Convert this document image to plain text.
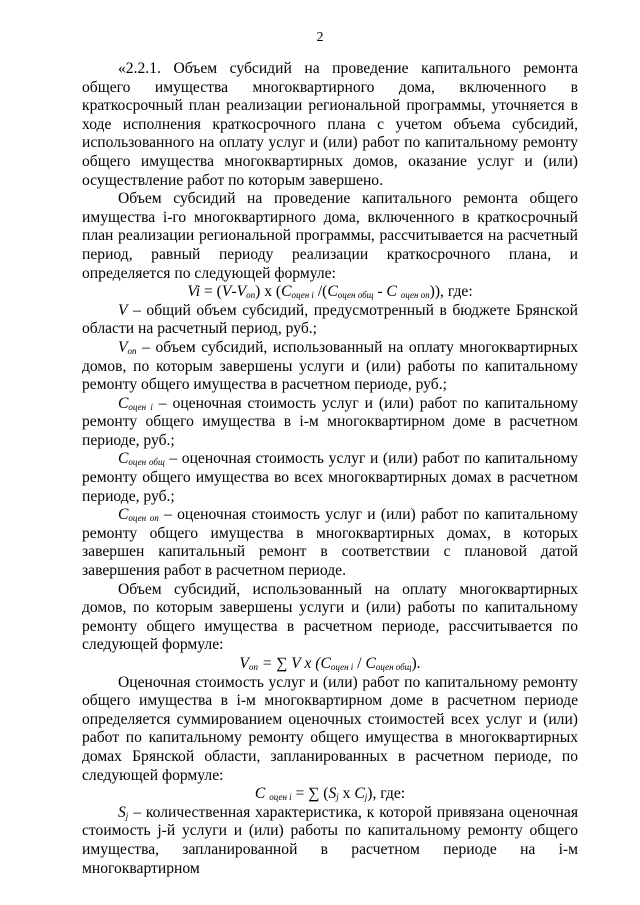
2

«2.2.1. Объем субсидий на проведение капитального ремонта общего имущества многоквартирного дома, включенного в краткосрочный план реализации региональной программы, уточняется в ходе исполнения краткосрочного плана с учетом объема субсидий, использованного на оплату услуг и (или) работ по капитальному ремонту общего имущества многоквартирных домов, оказание услуг и (или) осуществление работ по которым завершено.

Объем субсидий на проведение капитального ремонта общего имущества i-го многоквартирного дома, включенного в краткосрочный план реализации региональной программы, рассчитывается на расчетный период, равный периоду реализации краткосрочного плана, и определяется по следующей формуле:

$Vi = (V-V_{оп})$ х ($С_{оцен i}$ $/(С_{оцен общ}$ - С $_{оцен оп}$)), где:

V – общий объем субсидий, предусмотренный в бюджете Брянской области на расчетный период, руб.;

$V_{оп}$ – объем субсидий, использованный на оплату многоквартирных домов, по которым завершены услуги и (или) работы по капитальному ремонту общего имущества в расчетном периоде, руб.;

$С_{оцен i}$ – оценочная стоимость услуг и (или) работ по капитальному ремонту общего имущества в i-м многоквартирном доме в расчетном периоде, руб.;

$С_{оцен общ}$ – оценочная стоимость услуг и (или) работ по капитальному ремонту общего имущества во всех многоквартирных домах в расчетном периоде, руб.;

$С_{оцен оп}$ – оценочная стоимость услуг и (или) работ по капитальному ремонту общего имущества в многоквартирных домах, в которых завершен капитальный ремонт в соответствии с плановой датой завершения работ в расчетном периоде.

Объем субсидий, использованный на оплату многоквартирных домов, по которым завершены услуги и (или) работы по капитальному ремонту общего имущества в расчетном периоде, рассчитывается по следующей формуле:

$V_{оп}$ = ∑ V х $(С_{оцен i} / С_{оцен общ})$.

Оценочная стоимость услуг и (или) работ по капитальному ремонту общего имущества в i-м многоквартирном доме в расчетном периоде определяется суммированием оценочных стоимостей всех услуг и (или) работ по капитальному ремонту общего имущества в многоквартирных домах Брянской области, запланированных в расчетном периоде, по следующей формуле:

С $_{оцен i}$ = ∑ ($S_j$ х $C_j$), где:

$S_j$ – количественная характеристика, к которой привязана оценочная стоимость j-й услуги и (или) работы по капитальному ремонту общего имущества, запланированной в расчетном периоде на i-м многоквартирном
